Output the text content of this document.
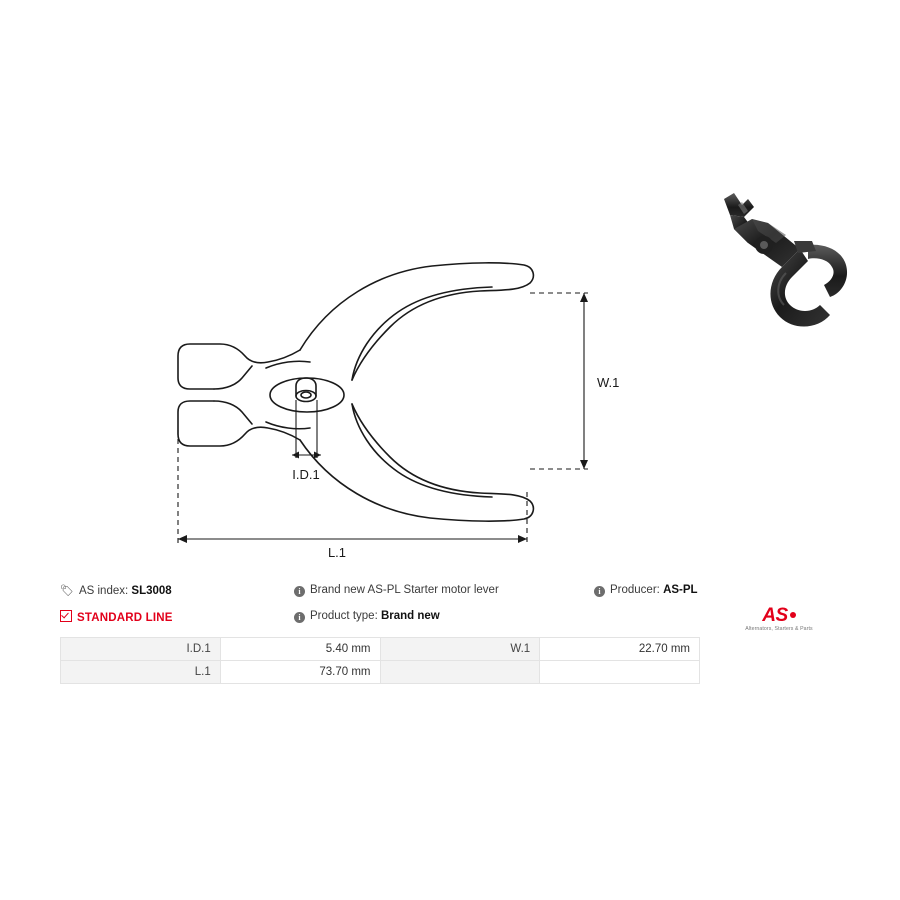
W.1
L.1
I.D.1
🏷 AS index: SL3008
STANDARD LINE
i Brand new AS-PL Starter motor lever
i Product type: Brand new
i Producer: AS-PL
AS
Alternators, Starters & Parts
I.D.1	5.40 mm	W.1	22.70 mm
L.1	73.70 mm		
